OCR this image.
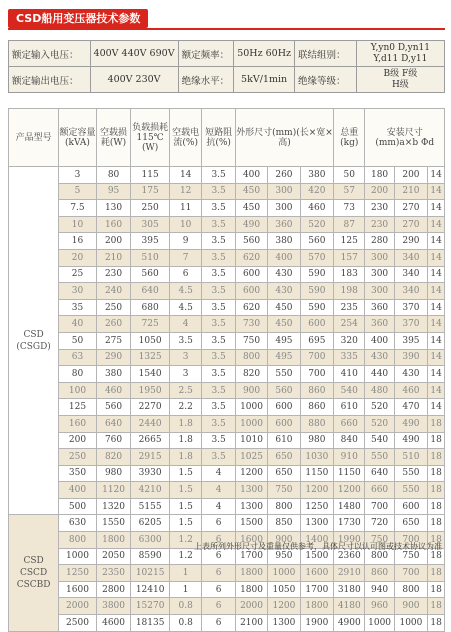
CSD船用变压器技术参数
额定输入电压：	400V 440V 690V	额定频率：	50Hz 60Hz	联结组别：	Y,yn0 D,yn11
Y,d11 D,y11

额定输出电压：	400V 230V	绝缘水平：	5kV/1min	绝缘等级：	B级 F级
H级
产品型号	额定容量(kVA)	空载损耗(W)	负载损耗115℃(W)	空载电流(%)	短路阻抗(%)	外形尺寸(mm)(长×宽×高)			总重(kg)	安装尺寸(mm)a×b Φd		

CSD
(CSGD)	3	80	115	14	3.5	400	260	380	50	180	200	14
	5	95	175	12	3.5	450	300	420	57	200	210	14
	7.5	130	250	11	3.5	450	300	460	73	230	270	14
	10	160	305	10	3.5	490	360	520	87	230	270	14
	16	200	395	9	3.5	560	380	560	125	280	290	14
	20	210	510	7	3.5	620	400	570	157	300	340	14
	25	230	560	6	3.5	600	430	590	183	300	340	14
	30	240	640	4.5	3.5	600	430	590	198	300	340	14
	35	250	680	4.5	3.5	620	450	590	235	360	370	14
	40	260	725	4	3.5	730	450	600	254	360	370	14
	50	275	1050	3.5	3.5	750	495	695	320	400	395	14
	63	290	1325	3	3.5	800	495	700	335	430	390	14
	80	380	1540	3	3.5	820	550	700	410	440	430	14
	100	460	1950	2.5	3.5	900	560	860	540	480	460	14
	125	560	2270	2.2	3.5	1000	600	860	610	520	470	14
	160	640	2440	1.8	3.5	1000	600	880	660	520	490	18
	200	760	2665	1.8	3.5	1010	610	980	840	540	490	18
	250	820	2915	1.8	3.5	1025	650	1030	910	550	510	18
	350	980	3930	1.5	4	1200	650	1150	1150	640	550	18
	400	1120	4210	1.5	4	1300	750	1200	1200	660	550	18
	500	1320	5155	1.5	4	1300	800	1250	1480	700	600	18

CSD
CSCD
CSCBD	630	1550	6205	1.5	6	1500	850	1300	1730	720	650	18
	800	1800	6300	1.2	6	1600	900	1400	1990	750	700	18
	1000	2050	8590	1.2	6	1700	950	1500	2360	800	750	18
	1250	2350	10215	1	6	1800	1000	1600	2910	860	700	18
	1600	2800	12410	1	6	1800	1050	1700	3180	940	800	18
	2000	3800	15270	0.8	6	2000	1200	1800	4180	960	900	18
	2500	4600	18135	0.8	6	2100	1300	1900	4900	1000	1000	18
上表所列外形尺寸及重量仅供参考，具体尺寸以认可图或技术协议为准
